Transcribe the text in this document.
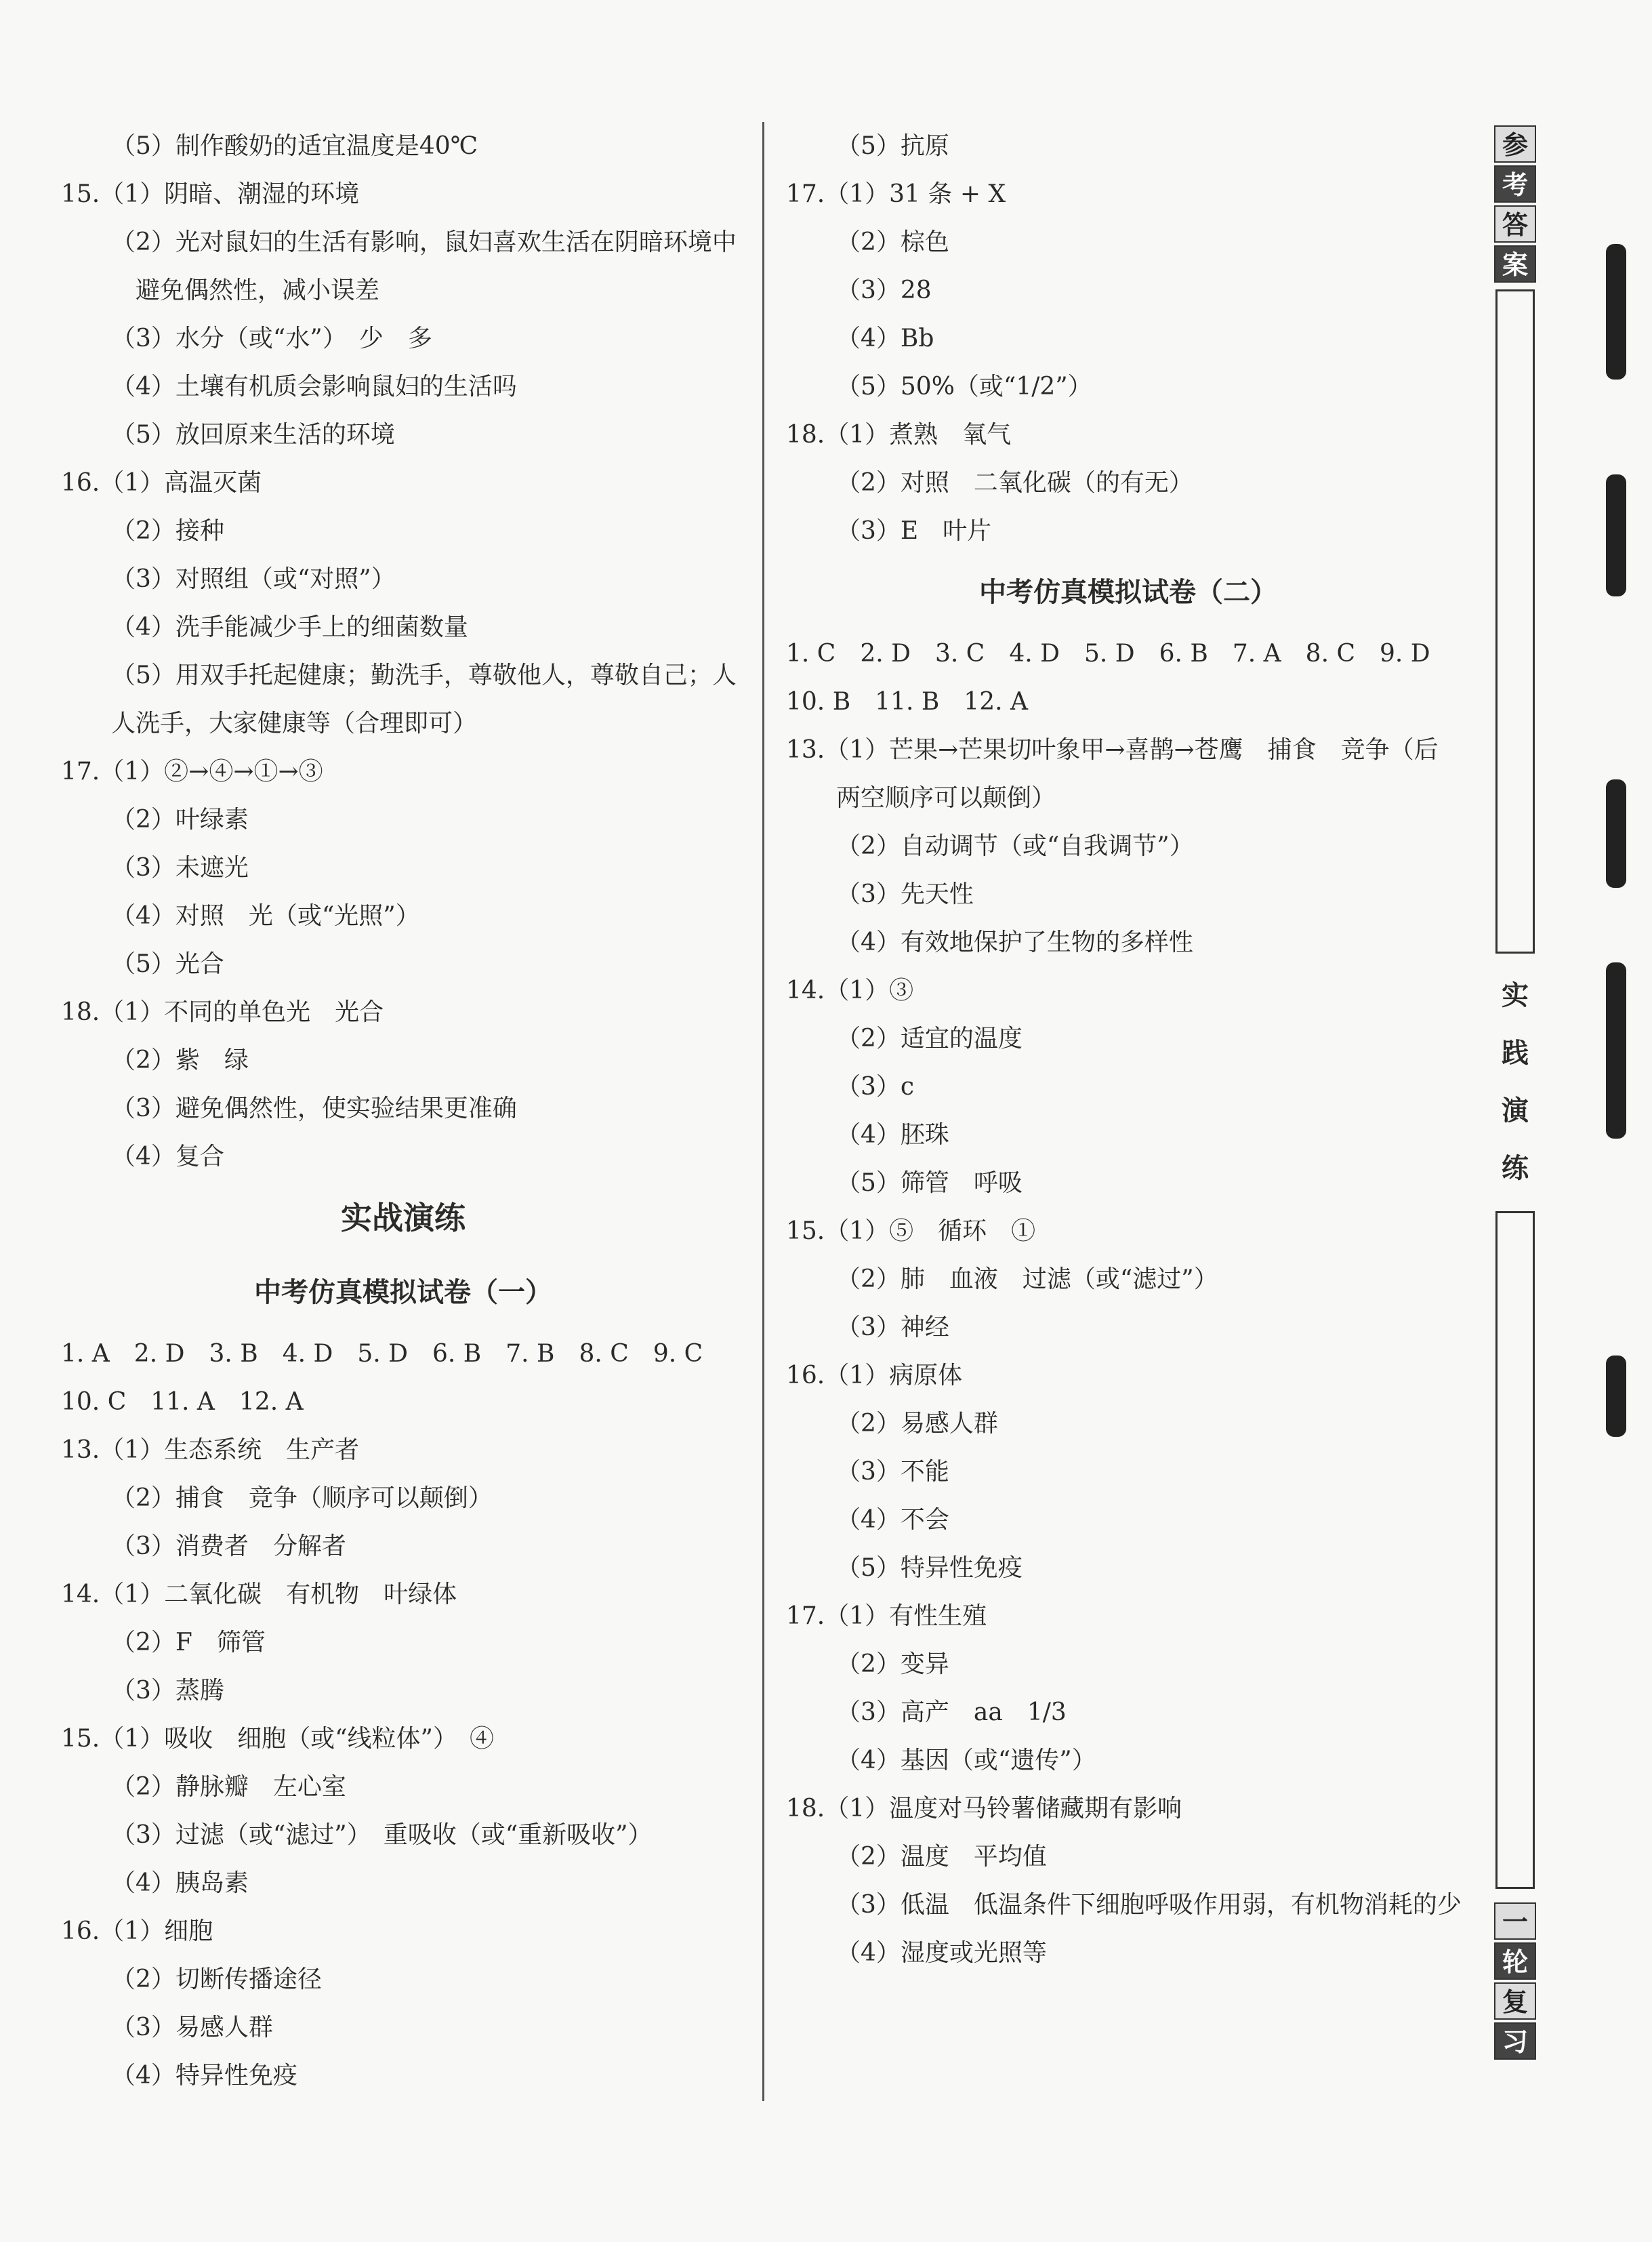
（5）制作酸奶的适宜温度是40℃
15.（1）阴暗、潮湿的环境
（2）光对鼠妇的生活有影响，鼠妇喜欢生活在阴暗环境中
避免偶然性，减小误差
（3）水分（或“水”）　少　多
（4）土壤有机质会影响鼠妇的生活吗
（5）放回原来生活的环境
16.（1）高温灭菌
（2）接种
（3）对照组（或“对照”）
（4）洗手能减少手上的细菌数量
（5）用双手托起健康；勤洗手，尊敬他人，尊敬自己；人
人洗手，大家健康等（合理即可）
17.（1）②→④→①→③
（2）叶绿素
（3）未遮光
（4）对照　光（或“光照”）
（5）光合
18.（1）不同的单色光　光合
（2）紫　绿
（3）避免偶然性，使实验结果更准确
（4）复合
实战演练
中考仿真模拟试卷（一）
1. A　2. D　3. B　4. D　5. D　6. B　7. B　8. C　9. C
10. C　11. A　12. A
13.（1）生态系统　生产者
（2）捕食　竞争（顺序可以颠倒）
（3）消费者　分解者
14.（1）二氧化碳　有机物　叶绿体
（2）F　筛管
（3）蒸腾
15.（1）吸收　细胞（或“线粒体”）　④
（2）静脉瓣　左心室
（3）过滤（或“滤过”）　重吸收（或“重新吸收”）
（4）胰岛素
16.（1）细胞
（2）切断传播途径
（3）易感人群
（4）特异性免疫
（5）抗原
17.（1）31 条 + X
（2）棕色
（3）28
（4）Bb
（5）50%（或“1/2”）
18.（1）煮熟　氧气
（2）对照　二氧化碳（的有无）
（3）E　叶片
中考仿真模拟试卷（二）
1. C　2. D　3. C　4. D　5. D　6. B　7. A　8. C　9. D
10. B　11. B　12. A
13.（1）芒果→芒果切叶象甲→喜鹊→苍鹰　捕食　竞争（后
两空顺序可以颠倒）
（2）自动调节（或“自我调节”）
（3）先天性
（4）有效地保护了生物的多样性
14.（1）③
（2）适宜的温度
（3）c
（4）胚珠
（5）筛管　呼吸
15.（1）⑤　循环　①
（2）肺　血液　过滤（或“滤过”）
（3）神经
16.（1）病原体
（2）易感人群
（3）不能
（4）不会
（5）特异性免疫
17.（1）有性生殖
（2）变异
（3）高产　aa　1/3
（4）基因（或“遗传”）
18.（1）温度对马铃薯储藏期有影响
（2）温度　平均值
（3）低温　低温条件下细胞呼吸作用弱，有机物消耗的少
（4）湿度或光照等
参
考
答
案
实
践
演
练
一
轮
复
习
